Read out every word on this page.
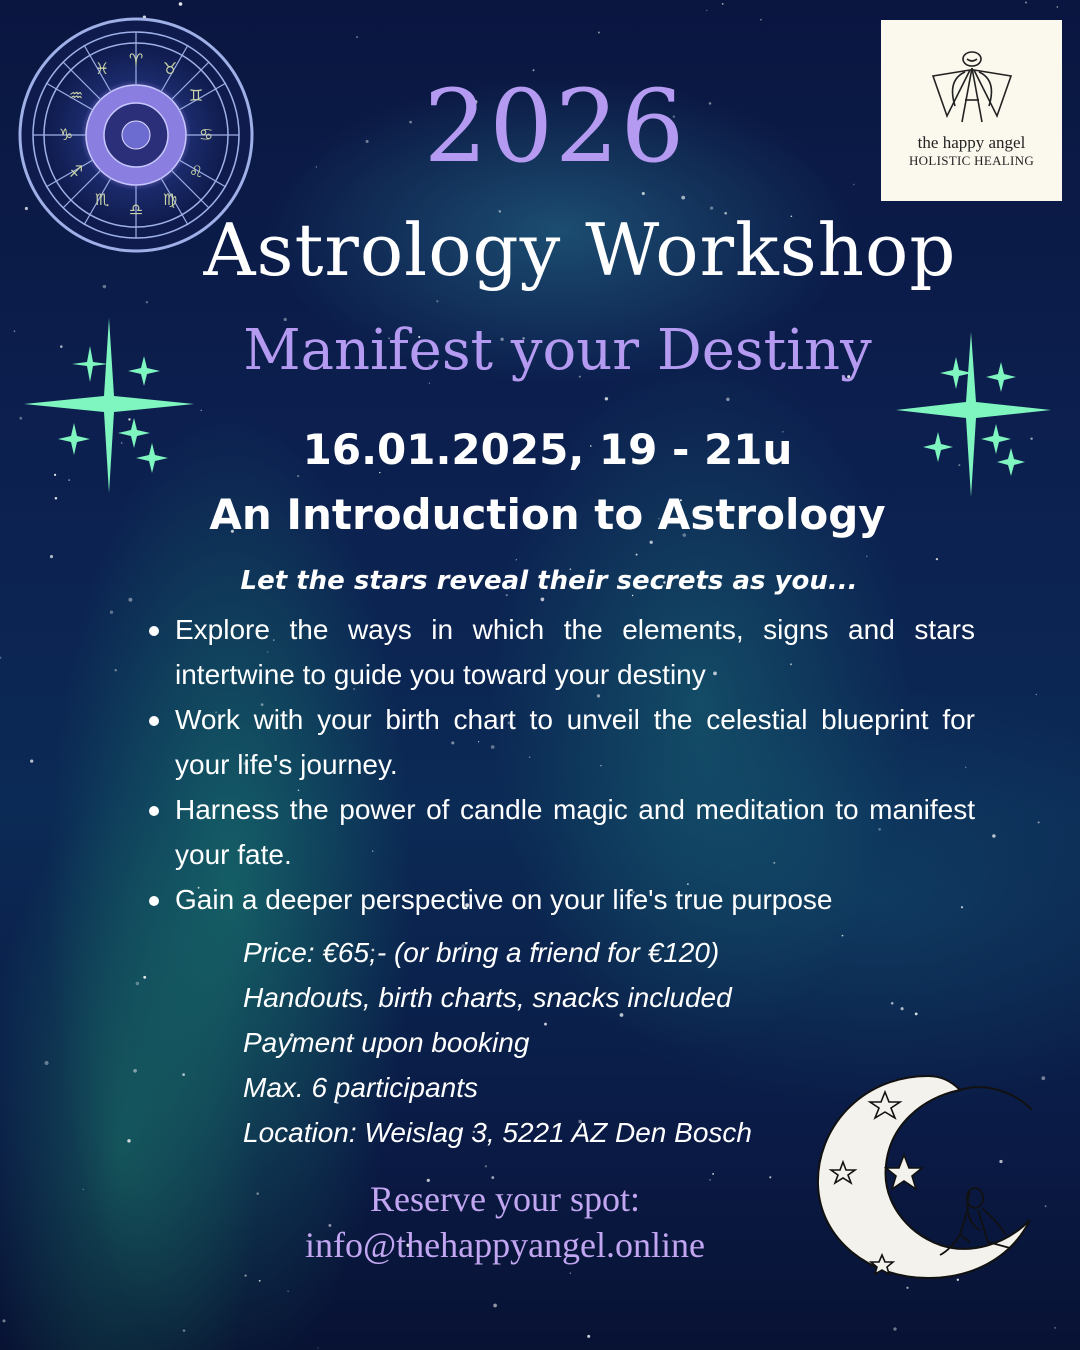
♈ ♉
♊
♋
♌
♍
♎
♏
♐
♑
♒
♓
the happy angel
HOLISTIC HEALING
2026
Astrology Workshop
Manifest your Destiny
16.01.2025, 19 - 21u
An Introduction to Astrology
Let the stars reveal their secrets as you...
Explore the ways in which the elements, signs and stars intertwine to guide you toward your destiny
Work with your birth chart to unveil the celestial blueprint for your life's journey.
Harness the power of candle magic and meditation to manifest your fate.
Gain a deeper perspective on your life's true purpose
Price: €65,- (or bring a friend for €120)
Handouts, birth charts, snacks included
Payment upon booking
Max. 6 participants
Location: Weislag 3, 5221 AZ Den Bosch
Reserve your spot:
info@thehappyangel.online
